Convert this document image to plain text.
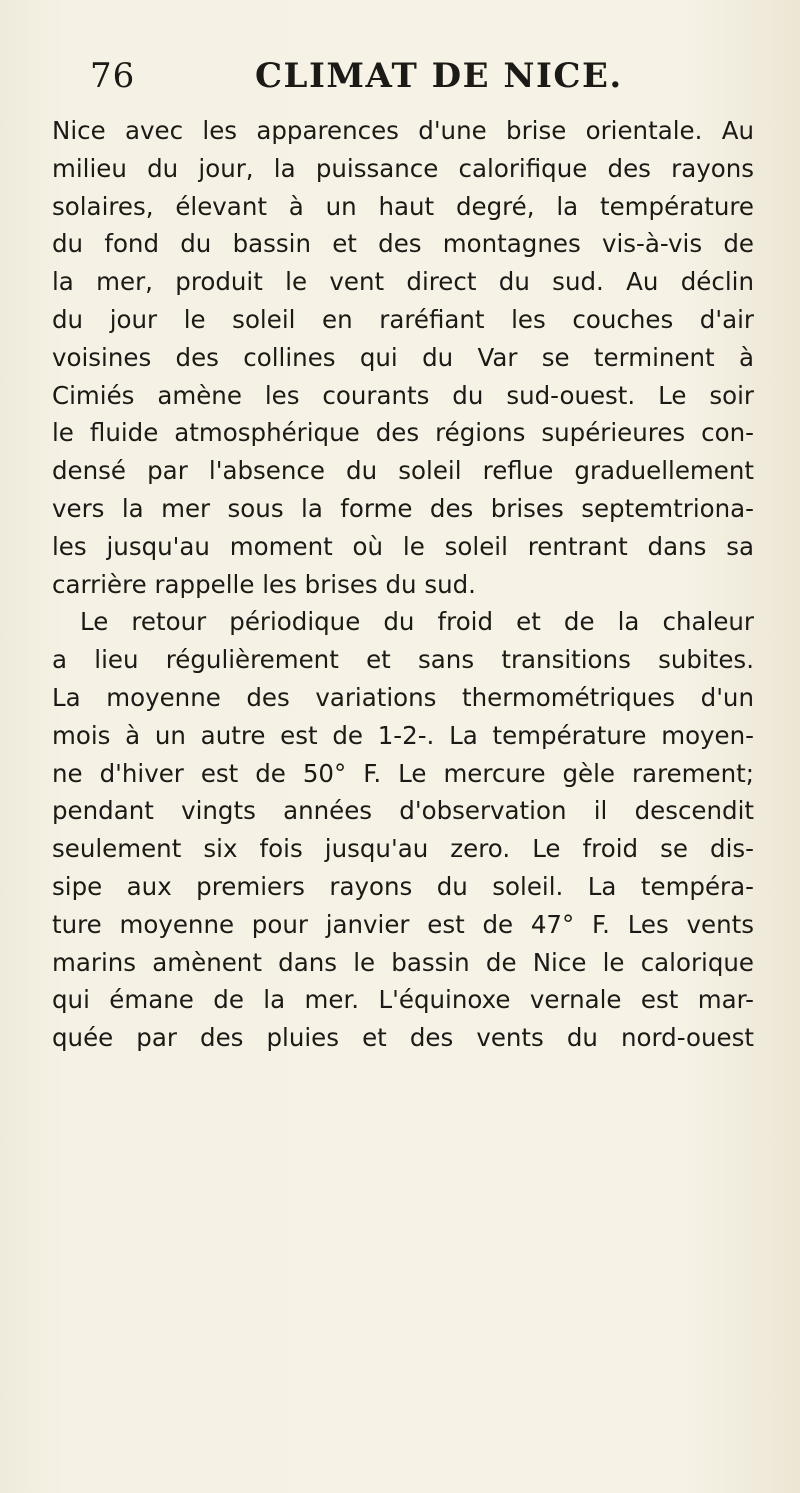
76	CLIMAT DE NICE.
Nice avec les apparences d'une brise orientale. Au
milieu du jour, la puissance calorifique des rayons
solaires, élevant à un haut degré, la température
du fond du bassin et des montagnes vis-à-vis de
la mer, produit le vent direct du sud. Au déclin
du jour le soleil en raréfiant les couches d'air
voisines des collines qui du Var se terminent à
Cimiés amène les courants du sud-ouest. Le soir
le fluide atmosphérique des régions supérieures con-
densé par l'absence du soleil reflue graduellement
vers la mer sous la forme des brises septemtriona-
les jusqu'au moment où le soleil rentrant dans sa
carrière rappelle les brises du sud.
Le retour périodique du froid et de la chaleur
a lieu régulièrement et sans transitions subites.
La moyenne des variations thermométriques d'un
mois à un autre est de 1-2-. La température moyen-
ne d'hiver est de 50° F. Le mercure gèle rarement;
pendant vingts années d'observation il descendit
seulement six fois jusqu'au zero. Le froid se dis-
sipe aux premiers rayons du soleil. La tempéra-
ture moyenne pour janvier est de 47° F. Les vents
marins amènent dans le bassin de Nice le calorique
qui émane de la mer. L'équinoxe vernale est mar-
quée par des pluies et des vents du nord-ouest
